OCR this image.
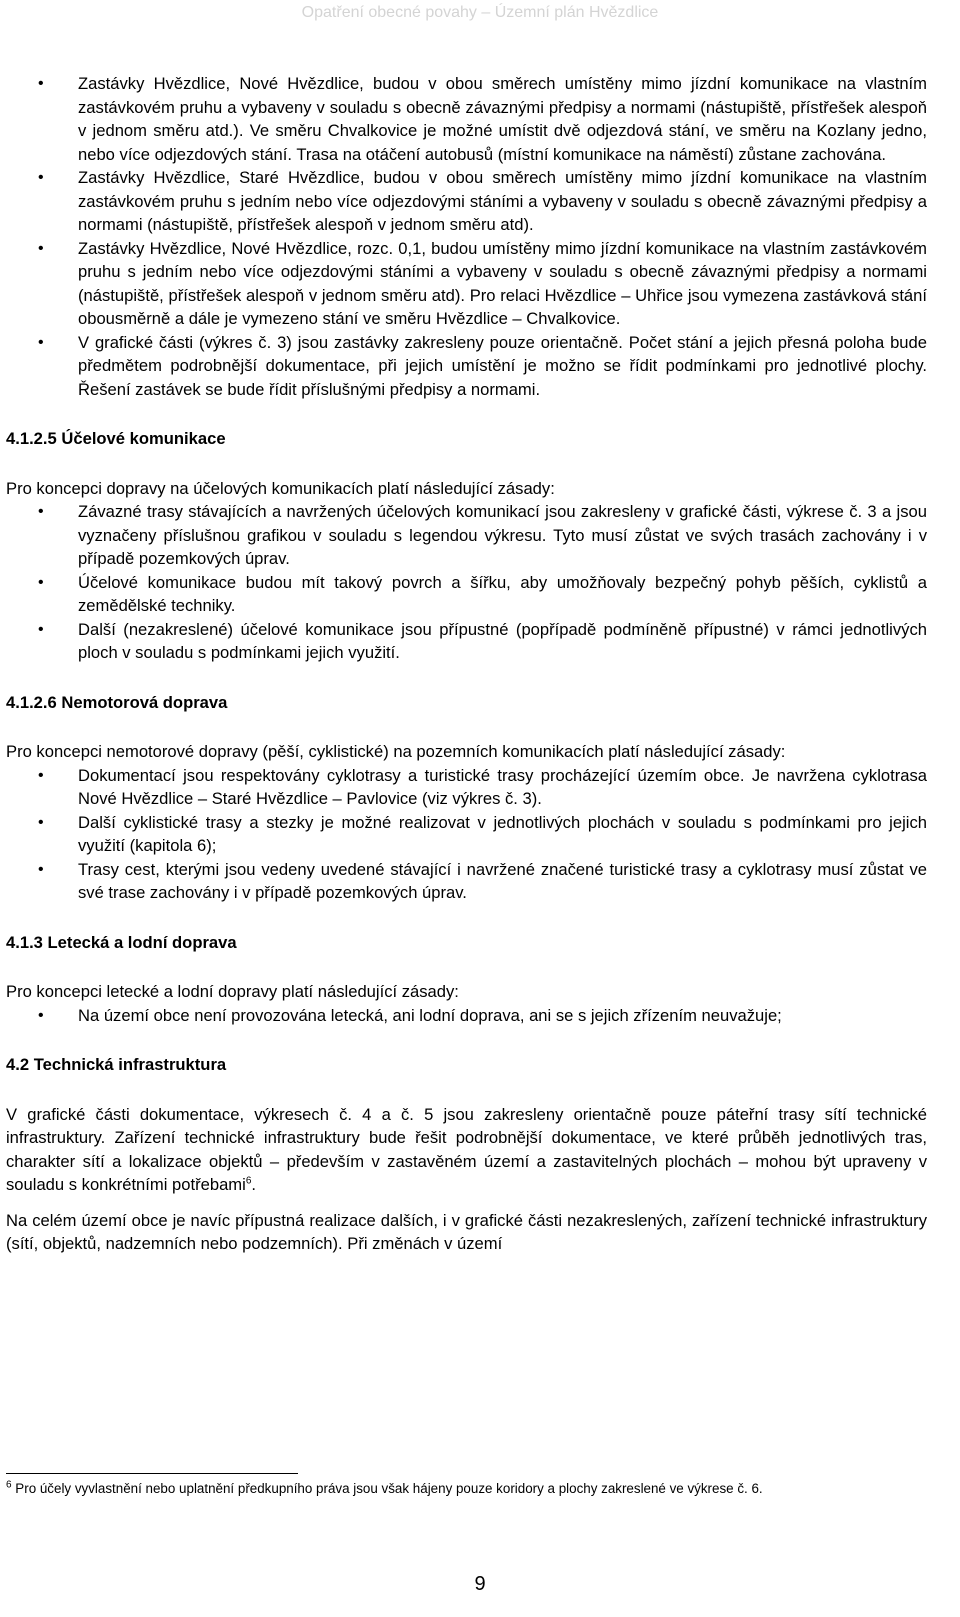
Opatření obecné povahy – Územní plán Hvězdlice
• Zastávky Hvězdlice, Nové Hvězdlice, budou v obou směrech umístěny mimo jízdní komunikace na vlastním zastávkovém pruhu a vybaveny v souladu s obecně závaznými předpisy a normami (nástupiště, přístřešek alespoň v jednom směru atd.). Ve směru Chvalkovice je možné umístit dvě odjezdová stání, ve směru na Kozlany jedno, nebo více odjezdových stání. Trasa na otáčení autobusů (místní komunikace na náměstí) zůstane zachována.
• Zastávky Hvězdlice, Staré Hvězdlice, budou v obou směrech umístěny mimo jízdní komunikace na vlastním zastávkovém pruhu s jedním nebo více odjezdovými stáními a vybaveny v souladu s obecně závaznými předpisy a normami (nástupiště, přístřešek alespoň v jednom směru atd).
• Zastávky Hvězdlice, Nové Hvězdlice, rozc. 0,1, budou umístěny mimo jízdní komunikace na vlastním zastávkovém pruhu s jedním nebo více odjezdovými stáními a vybaveny v souladu s obecně závaznými předpisy a normami (nástupiště, přístřešek alespoň v jednom směru atd). Pro relaci Hvězdlice – Uhřice jsou vymezena zastávková stání obousměrně a dále je vymezeno stání ve směru Hvězdlice – Chvalkovice.
• V grafické části (výkres č. 3) jsou zastávky zakresleny pouze orientačně. Počet stání a jejich přesná poloha bude předmětem podrobnější dokumentace, při jejich umístění je možno se řídit podmínkami pro jednotlivé plochy. Řešení zastávek se bude řídit příslušnými předpisy a normami.
4.1.2.5 Účelové komunikace

Pro koncepci dopravy na účelových komunikacích platí následující zásady:

• Závazné trasy stávajících a navržených účelových komunikací jsou zakresleny v grafické části, výkrese č. 3 a jsou vyznačeny příslušnou grafikou v souladu s legendou výkresu. Tyto musí zůstat ve svých trasách zachovány i v případě pozemkových úprav.
• Účelové komunikace budou mít takový povrch a šířku, aby umožňovaly bezpečný pohyb pěších, cyklistů a zemědělské techniky.
• Další (nezakreslené) účelové komunikace jsou přípustné (popřípadě podmíněně přípustné) v rámci jednotlivých ploch v souladu s podmínkami jejich využití.
4.1.2.6 Nemotorová doprava

Pro koncepci nemotorové dopravy (pěší, cyklistické) na pozemních komunikacích platí následující zásady:

• Dokumentací jsou respektovány cyklotrasy a turistické trasy procházející územím obce. Je navržena cyklotrasa Nové Hvězdlice – Staré Hvězdlice – Pavlovice (viz výkres č. 3).
• Další cyklistické trasy a stezky je možné realizovat v jednotlivých plochách v souladu s podmínkami pro jejich využití (kapitola 6);
• Trasy cest, kterými jsou vedeny uvedené stávající i navržené značené turistické trasy a cyklotrasy musí zůstat ve své trase zachovány i v případě pozemkových úprav.
4.1.3 Letecká a lodní doprava

Pro koncepci letecké a lodní dopravy platí následující zásady:

• Na území obce není provozována letecká, ani lodní doprava, ani se s jejich zřízením neuvažuje;
4.2 Technická infrastruktura

V grafické části dokumentace, výkresech č. 4 a č. 5 jsou zakresleny orientačně pouze páteřní trasy sítí technické infrastruktury. Zařízení technické infrastruktury bude řešit podrobnější dokumentace, ve které průběh jednotlivých tras, charakter sítí a lokalizace objektů – především v zastavěném území a zastavitelných plochách – mohou být upraveny v souladu s konkrétními potřebami$^6$.

Na celém území obce je navíc přípustná realizace dalších, i v grafické části nezakreslených, zařízení technické infrastruktury (sítí, objektů, nadzemních nebo podzemních). Při změnách v území

$^6$ Pro účely vyvlastnění nebo uplatnění předkupního práva jsou však hájeny pouze koridory a plochy zakreslené ve výkrese č. 6.
9
